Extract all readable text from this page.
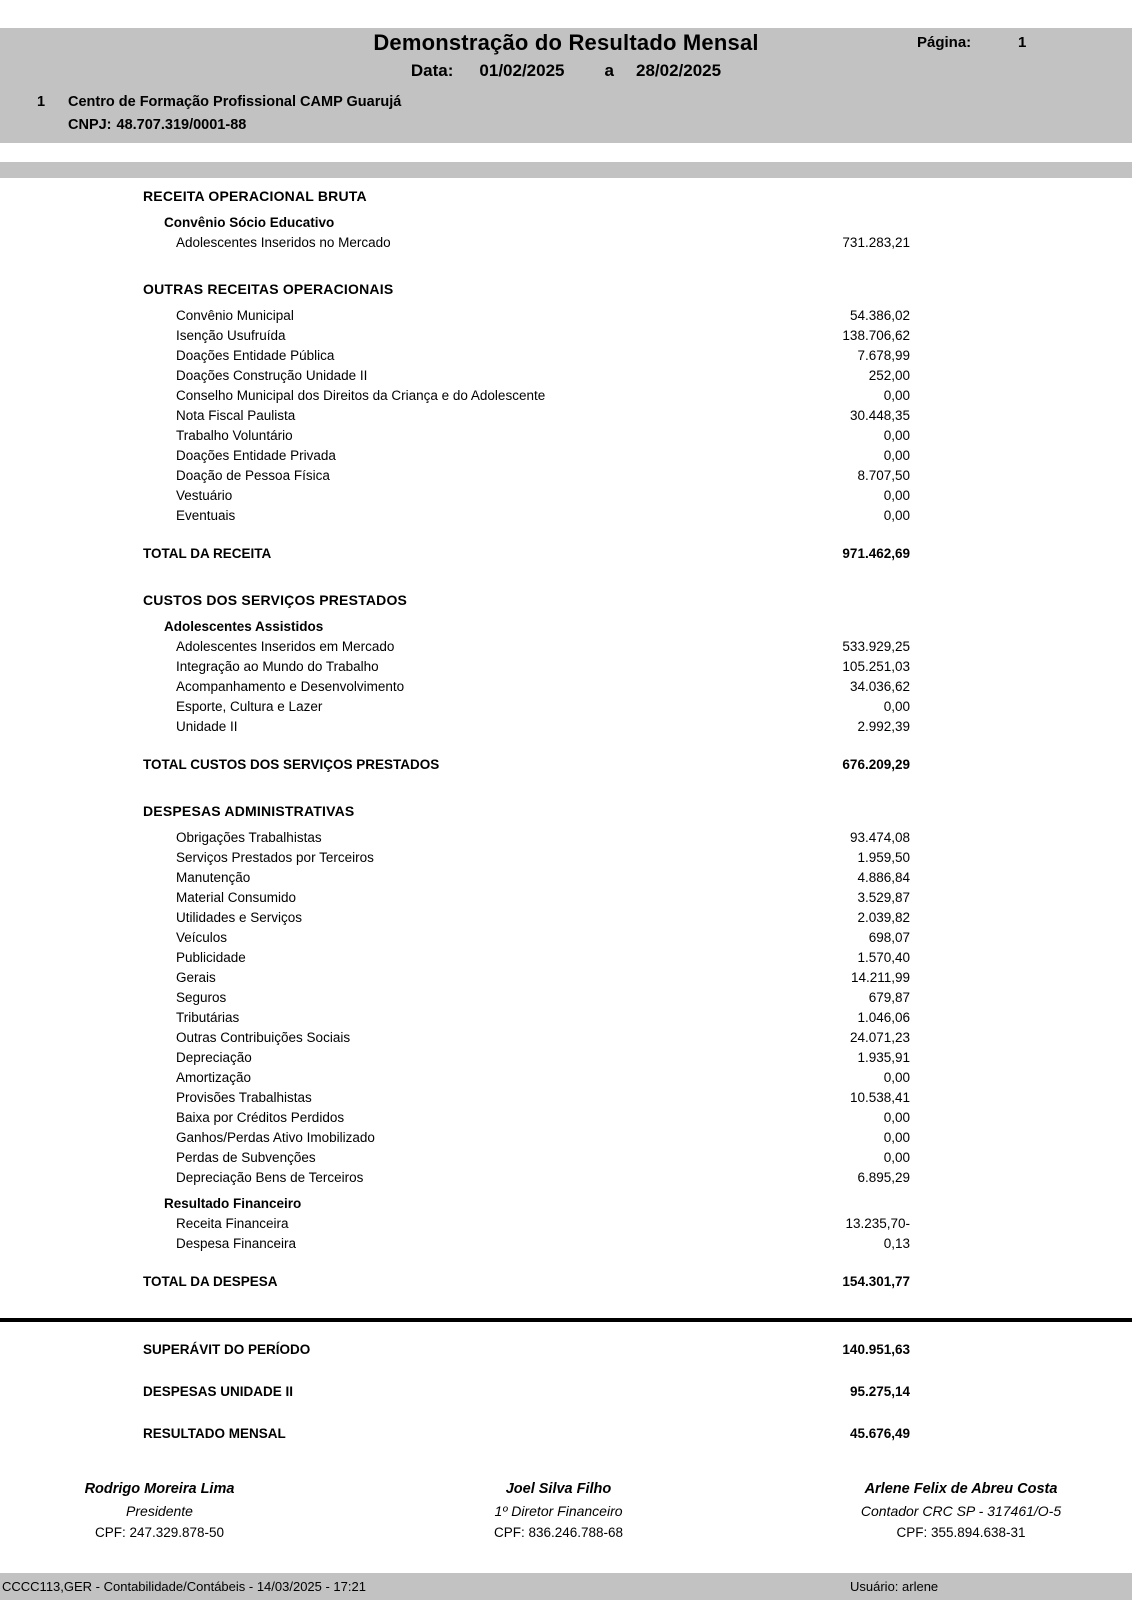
Demonstração do Resultado Mensal	Página:	1
Data: 01/02/2025 a 28/02/2025
1 Centro de Formação Profissional CAMP Guarujá
CNPJ: 48.707.319/0001-88
RECEITA OPERACIONAL BRUTA
Convênio Sócio Educativo
Adolescentes Inseridos no Mercado	731.283,21
OUTRAS RECEITAS OPERACIONAIS
Convênio Municipal	54.386,02
Isenção Usufruída	138.706,62
Doações Entidade Pública	7.678,99
Doações Construção Unidade II	252,00
Conselho Municipal dos Direitos da Criança e do Adolescente	0,00
Nota Fiscal Paulista	30.448,35
Trabalho Voluntário	0,00
Doações Entidade Privada	0,00
Doação de Pessoa Física	8.707,50
Vestuário	0,00
Eventuais	0,00
TOTAL DA RECEITA	971.462,69
CUSTOS DOS SERVIÇOS PRESTADOS
Adolescentes Assistidos
Adolescentes Inseridos em Mercado	533.929,25
Integração ao Mundo do Trabalho	105.251,03
Acompanhamento e Desenvolvimento	34.036,62
Esporte, Cultura e Lazer	0,00
Unidade II	2.992,39
TOTAL CUSTOS DOS SERVIÇOS PRESTADOS	676.209,29
DESPESAS ADMINISTRATIVAS
Obrigações Trabalhistas	93.474,08
Serviços Prestados por Terceiros	1.959,50
Manutenção	4.886,84
Material Consumido	3.529,87
Utilidades e Serviços	2.039,82
Veículos	698,07
Publicidade	1.570,40
Gerais	14.211,99
Seguros	679,87
Tributárias	1.046,06
Outras Contribuições Sociais	24.071,23
Depreciação	1.935,91
Amortização	0,00
Provisões Trabalhistas	10.538,41
Baixa por Créditos Perdidos	0,00
Ganhos/Perdas Ativo Imobilizado	0,00
Perdas de Subvenções	0,00
Depreciação Bens de Terceiros	6.895,29
Resultado Financeiro
Receita Financeira	13.235,70-
Despesa Financeira	0,13
TOTAL DA DESPESA	154.301,77
SUPERÁVIT DO PERÍODO	140.951,63
DESPESAS UNIDADE II	95.275,14
RESULTADO MENSAL	45.676,49
Rodrigo Moreira Lima
Presidente
CPF: 247.329.878-50
Joel Silva Filho
1º Diretor Financeiro
CPF: 836.246.788-68
Arlene Felix de Abreu Costa
Contador CRC SP - 317461/O-5
CPF: 355.894.638-31
CCCC113,GER - Contabilidade/Contábeis - 14/03/2025 - 17:21	Usuário: arlene
